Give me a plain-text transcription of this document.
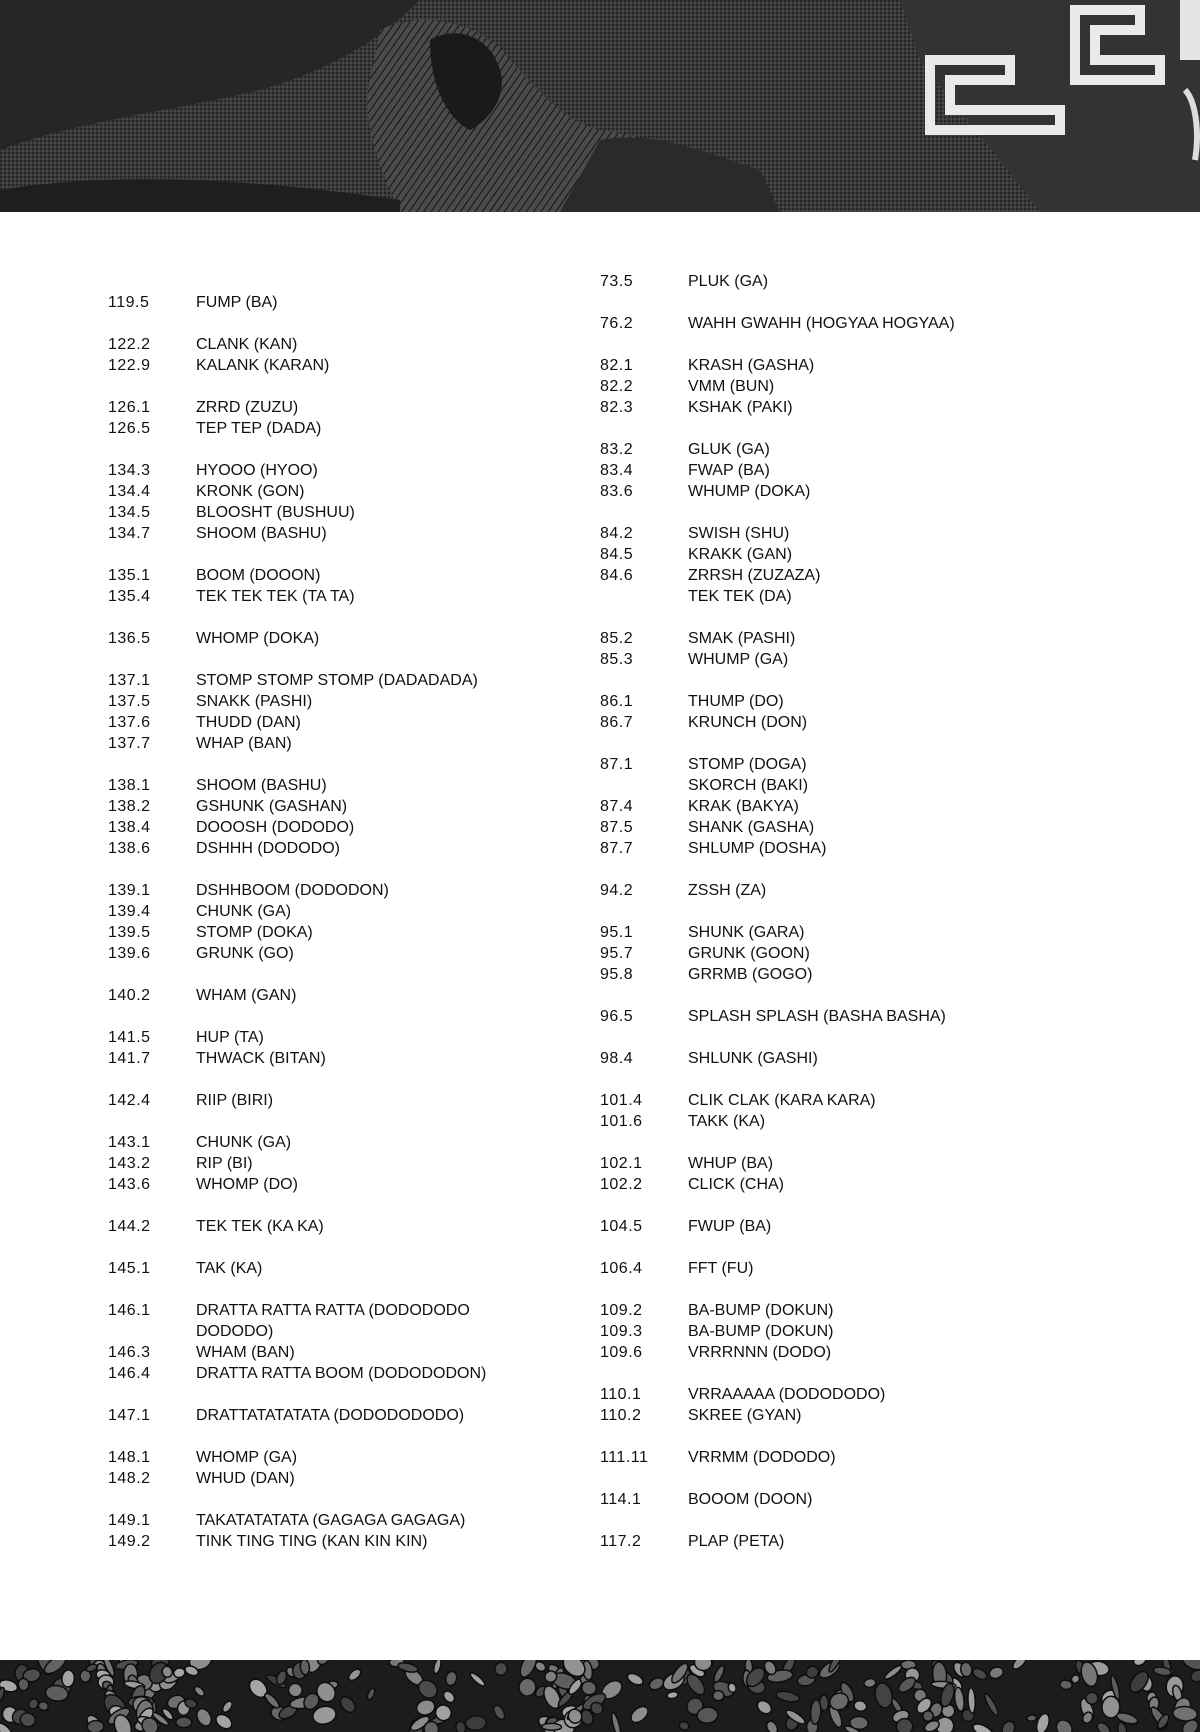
119.5	FUMP (BA)
122.2	CLANK (KAN)
122.9	KALANK (KARAN)
126.1	ZRRD (ZUZU)
126.5	TEP TEP (DADA)
134.3	HYOOO (HYOO)
134.4	KRONK (GON)
134.5	BLOOSHT (BUSHUU)
134.7	SHOOM (BASHU)
135.1	BOOM (DOOON)
135.4	TEK TEK TEK (TA TA)
136.5	WHOMP (DOKA)
137.1	STOMP STOMP STOMP (DADADADA)
137.5	SNAKK (PASHI)
137.6	THUDD (DAN)
137.7	WHAP (BAN)
138.1	SHOOM (BASHU)
138.2	GSHUNK (GASHAN)
138.4	DOOOSH (DODODO)
138.6	DSHHH (DODODO)
139.1	DSHHBOOM (DODODON)
139.4	CHUNK (GA)
139.5	STOMP (DOKA)
139.6	GRUNK (GO)
140.2	WHAM (GAN)
141.5	HUP (TA)
141.7	THWACK (BITAN)
142.4	RIIP (BIRI)
143.1	CHUNK (GA)
143.2	RIP (BI)
143.6	WHOMP (DO)
144.2	TEK TEK (KA KA)
145.1	TAK (KA)
146.1	DRATTA RATTA RATTA (DODODODO
DODODO)
146.3	WHAM (BAN)
146.4	DRATTA RATTA BOOM (DODODODON)
147.1	DRATTATATATATA (DODODODODO)
148.1	WHOMP (GA)
148.2	WHUD (DAN)
149.1	TAKATATATATA (GAGAGA GAGAGA)
149.2	TINK TING TING (KAN KIN KIN)
73.5	PLUK (GA)
76.2	WAHH GWAHH (HOGYAA HOGYAA)
82.1	KRASH (GASHA)
82.2	VMM (BUN)
82.3	KSHAK (PAKI)
83.2	GLUK (GA)
83.4	FWAP (BA)
83.6	WHUMP (DOKA)
84.2	SWISH (SHU)
84.5	KRAKK (GAN)
84.6	ZRRSH (ZUZAZA)
TEK TEK (DA)
85.2	SMAK (PASHI)
85.3	WHUMP (GA)
86.1	THUMP (DO)
86.7	KRUNCH (DON)
87.1	STOMP (DOGA)
SKORCH (BAKI)
87.4	KRAK (BAKYA)
87.5	SHANK (GASHA)
87.7	SHLUMP (DOSHA)
94.2	ZSSH (ZA)
95.1	SHUNK (GARA)
95.7	GRUNK (GOON)
95.8	GRRMB (GOGO)
96.5	SPLASH SPLASH (BASHA BASHA)
98.4	SHLUNK (GASHI)
101.4	CLIK CLAK (KARA KARA)
101.6	TAKK (KA)
102.1	WHUP (BA)
102.2	CLICK (CHA)
104.5	FWUP (BA)
106.4	FFT (FU)
109.2	BA-BUMP (DOKUN)
109.3	BA-BUMP (DOKUN)
109.6	VRRRNNN (DODO)
110.1	VRRAAAAA (DODODODO)
110.2	SKREE (GYAN)
111.11	VRRMM (DODODO)
114.1	BOOOM (DOON)
117.2	PLAP (PETA)
